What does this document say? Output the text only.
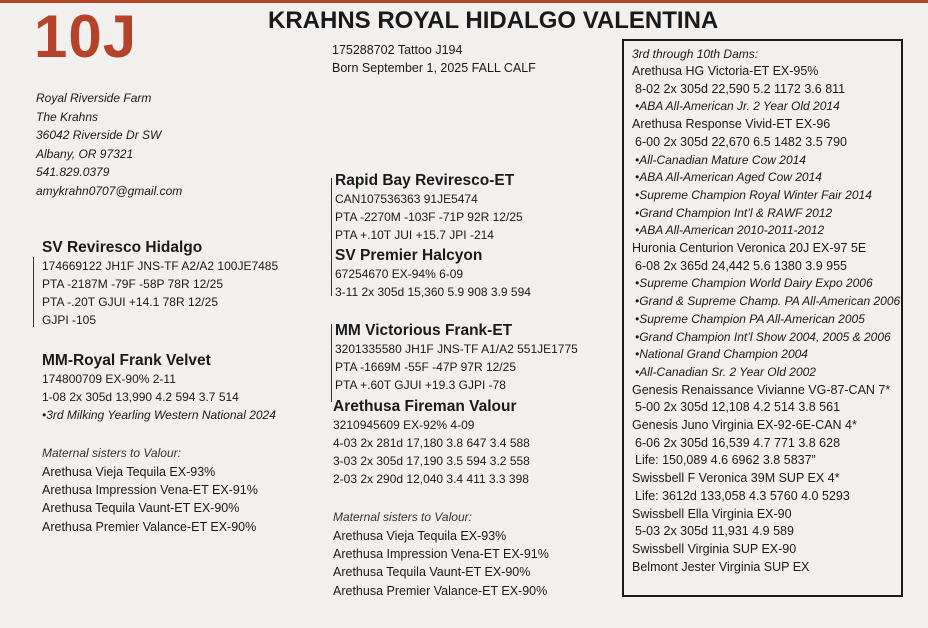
10J	KRAHNS ROYAL HIDALGO VALENTINA
175288702 Tattoo J194
Born September 1, 2025 FALL CALF
Royal Riverside Farm
The Krahns
36042 Riverside Dr SW
Albany, OR 97321
541.829.0379
amykrahn0707@gmail.com
SV Reviresco Hidalgo
174669122 JH1F JNS-TF A2/A2 100JE7485
PTA -2187M -79F -58P 78R 12/25
PTA -.20T GJUI +14.1 78R 12/25
GJPI -105
MM-Royal Frank Velvet
174800709 EX-90% 2-11
1-08 2x 305d 13,990 4.2 594 3.7 514
•3rd Milking Yearling Western National 2024
Maternal sisters to Valour:
Arethusa Vieja Tequila EX-93%
Arethusa Impression Vena-ET EX-91%
Arethusa Tequila Vaunt-ET EX-90%
Arethusa Premier Valance-ET EX-90%
Rapid Bay Reviresco-ET
CAN107536363 91JE5474
PTA -2270M -103F -71P 92R 12/25
PTA +.10T JUI +15.7 JPI -214
SV Premier Halcyon
67254670 EX-94% 6-09
3-11 2x 305d 15,360 5.9 908 3.9 594
MM Victorious Frank-ET
3201335580 JH1F JNS-TF A1/A2 551JE1775
PTA -1669M -55F -47P 97R 12/25
PTA +.60T GJUI +19.3 GJPI -78
Arethusa Fireman Valour
3210945609 EX-92% 4-09
4-03 2x 281d 17,180 3.8 647 3.4 588
3-03 2x 305d 17,190 3.5 594 3.2 558
2-03 2x 290d 12,040 3.4 411 3.3 398
Maternal sisters to Valour:
Arethusa Vieja Tequila EX-93%
Arethusa Impression Vena-ET EX-91%
Arethusa Tequila Vaunt-ET EX-90%
Arethusa Premier Valance-ET EX-90%
3rd through 10th Dams:
Arethusa HG Victoria-ET EX-95%
8-02 2x 305d 22,590 5.2 1172 3.6 811
•ABA All-American Jr. 2 Year Old 2014
Arethusa Response Vivid-ET EX-96
6-00 2x 305d 22,670 6.5 1482 3.5 790
•All-Canadian Mature Cow 2014
•ABA All-American Aged Cow 2014
•Supreme Champion Royal Winter Fair 2014
•Grand Champion Int’l & RAWF 2012
•ABA All-American 2010-2011-2012
Huronia Centurion Veronica 20J EX-97 5E
6-08 2x 365d 24,442 5.6 1380 3.9 955
•Supreme Champion World Dairy Expo 2006
•Grand & Supreme Champ. PA All-American 2006
•Supreme Champion PA All-American 2005
•Grand Champion Int’l Show 2004, 2005 & 2006
•National Grand Champion 2004
•All-Canadian Sr. 2 Year Old 2002
Genesis Renaissance Vivianne VG-87-CAN 7*
5-00 2x 305d 12,108 4.2 514 3.8 561
Genesis Juno Virginia EX-92-6E-CAN 4*
6-06 2x 305d 16,539 4.7 771 3.8 628
Life: 150,089 4.6 6962 3.8 5837”
Swissbell F Veronica 39M SUP EX 4*
Life: 3612d 133,058 4.3 5760 4.0 5293
Swissbell Ella Virginia EX-90
5-03 2x 305d 11,931 4.9 589
Swissbell Virginia SUP EX-90
Belmont Jester Virginia SUP EX
